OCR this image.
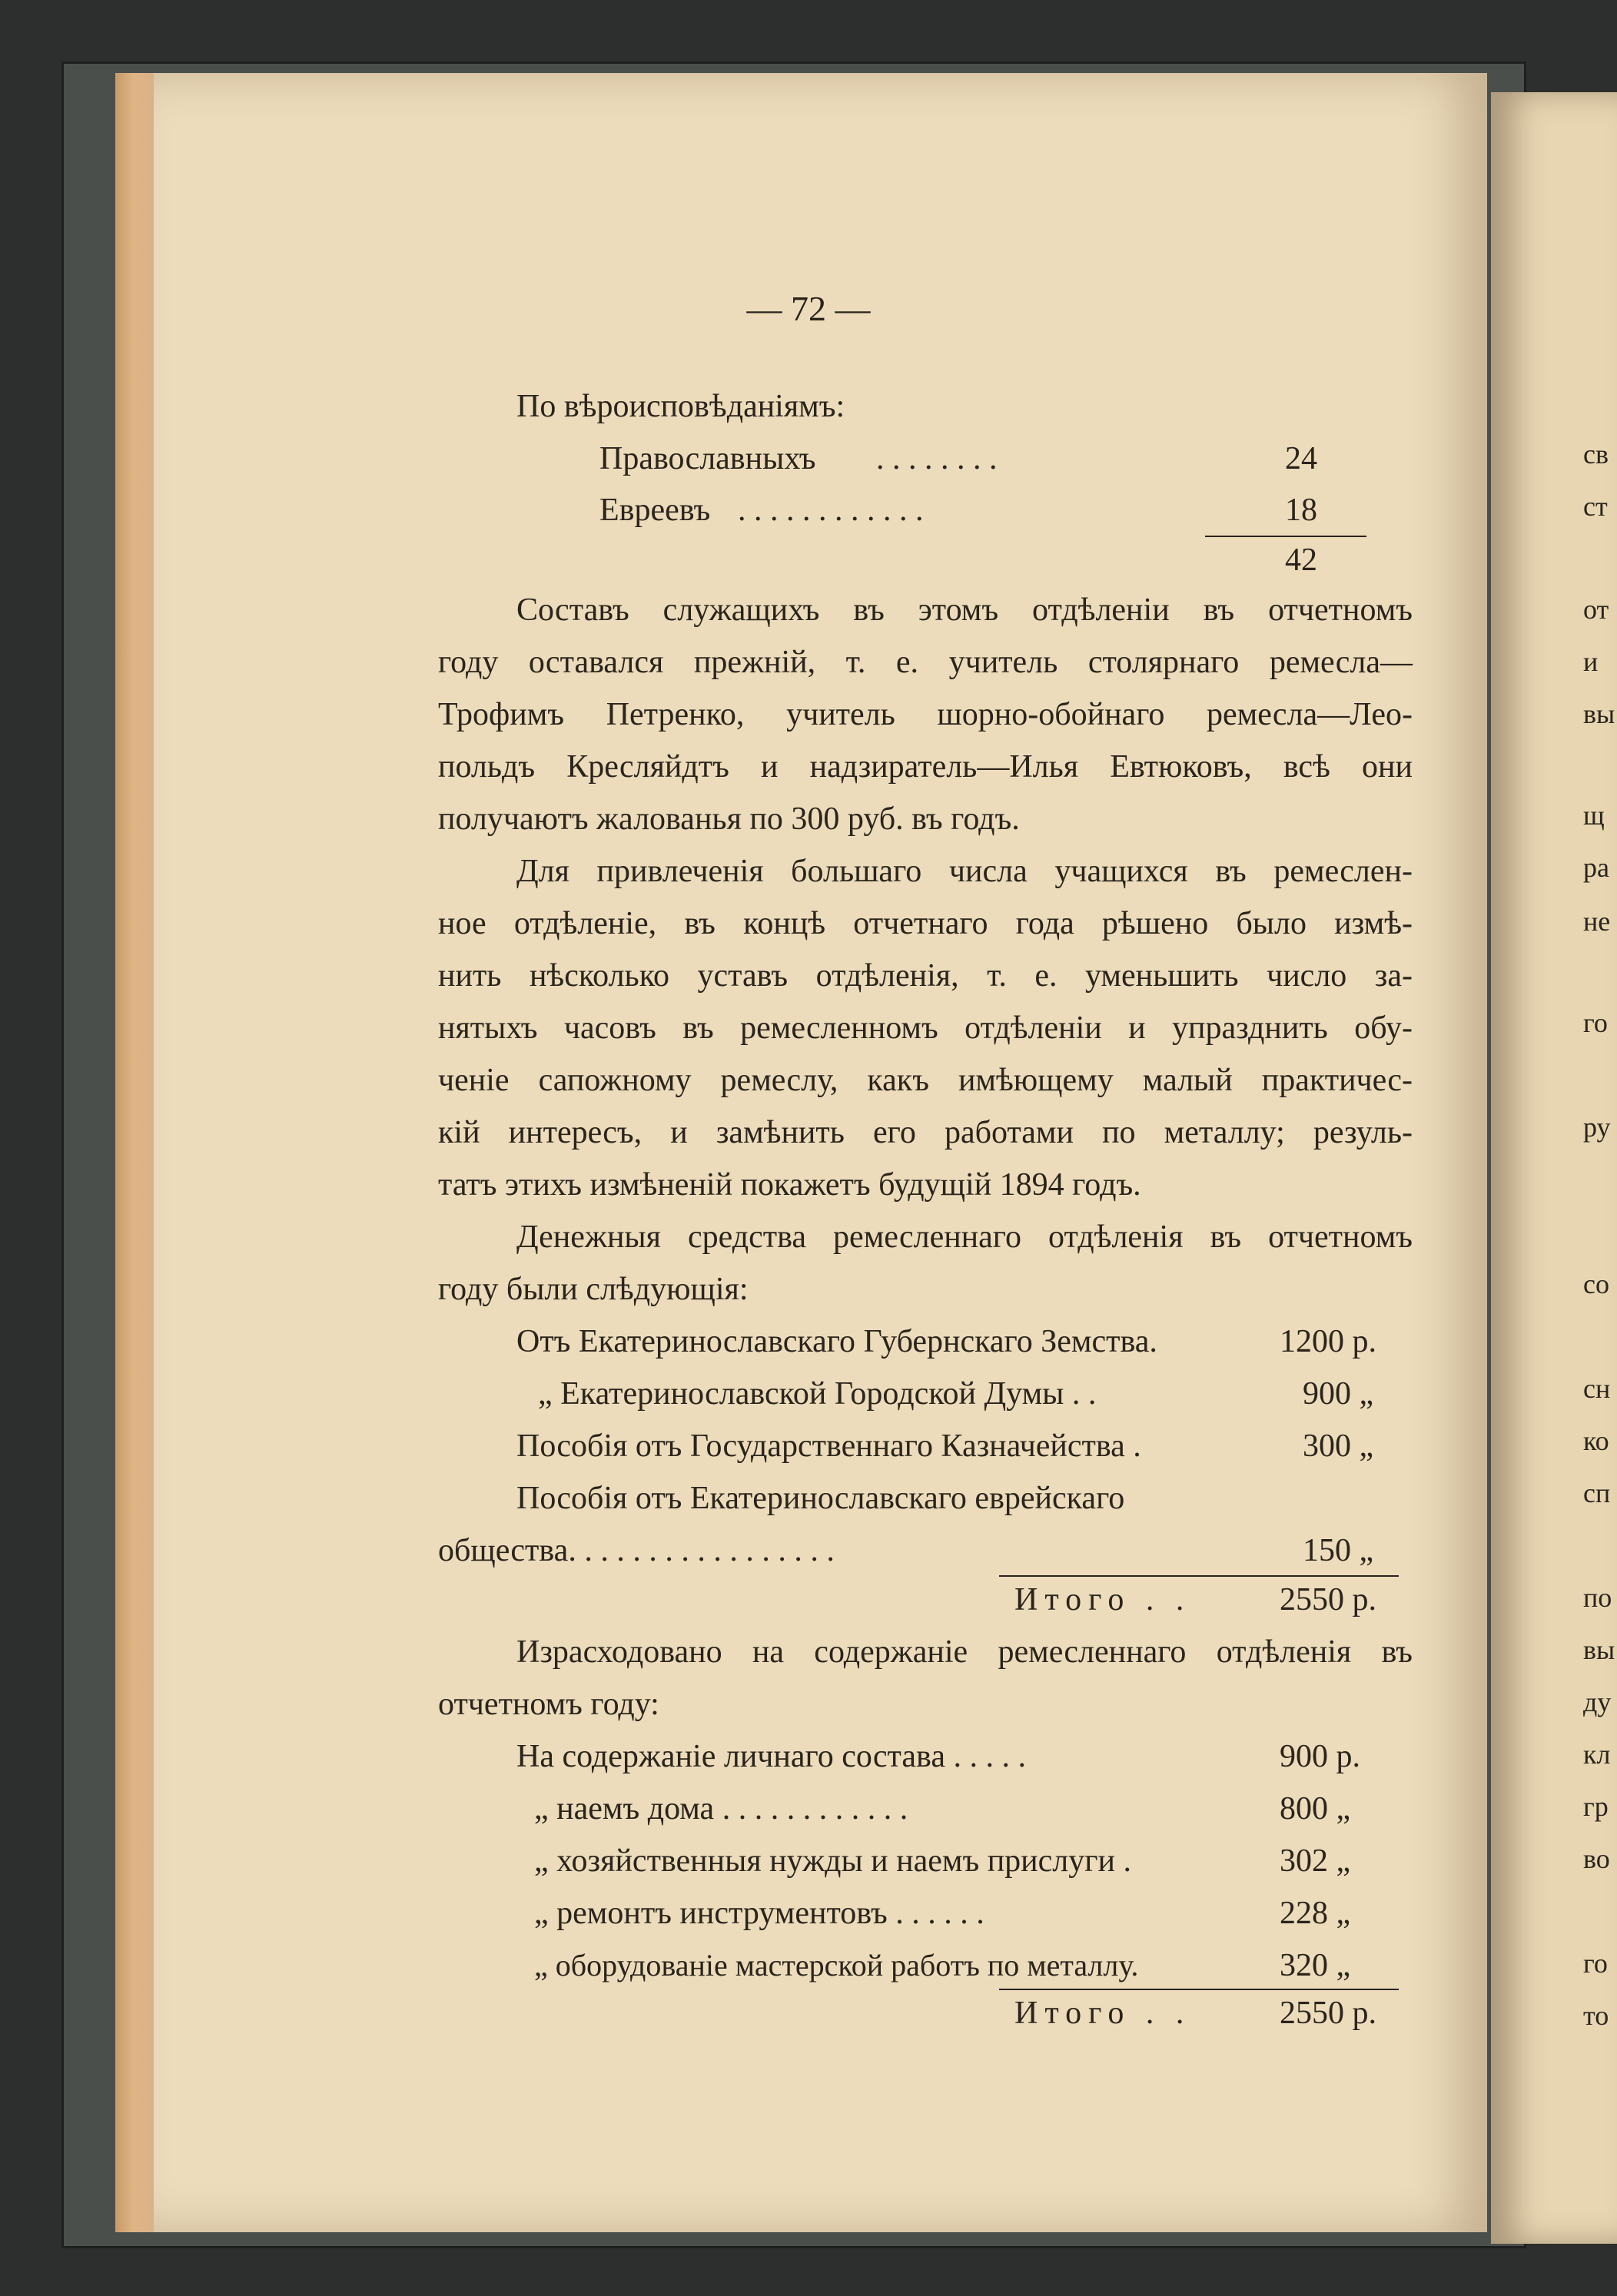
— 72 —
По вѣроисповѣданіямъ:
Православныхъ . . . . . . . .	24
Евреевъ . . . . . . . . . . . .	18
42
Составъ служащихъ въ этомъ отдѣленіи въ отчетномъ
году оставался прежній, т. е. учитель столярнаго ремесла—
Трофимъ Петренко, учитель шорно-обойнаго ремесла—Лео-
польдъ Кресляйдтъ и надзиратель—Илья Евтюковъ, всѣ они
получаютъ жалованья по 300 руб. въ годъ.
Для привлеченія большаго числа учащихся въ ремеслен-
ное отдѣленіе, въ концѣ отчетнаго года рѣшено было измѣ-
нить нѣсколько уставъ отдѣленія, т. е. уменьшить число за-
нятыхъ часовъ въ ремесленномъ отдѣленіи и упразднить обу-
ченіе сапожному ремеслу, какъ имѣющему малый практичес-
кій интересъ, и замѣнить его работами по металлу; резуль-
татъ этихъ измѣненій покажетъ будущій 1894 годъ.
Денежныя средства ремесленнаго отдѣленія въ отчетномъ
году были слѣдующія:
Отъ Екатеринославскаго Губернскаго Земства.	1200 р.
„ Екатеринославской Городской Думы . .	900 „
Пособія отъ Государственнаго Казначейства .	300 „
Пособія отъ Екатеринославскаго еврейскаго
общества. . . . . . . . . . . . . . . . .	150 „
Итого . .	2550 р.
Израсходовано на содержаніе ремесленнаго отдѣленія въ
отчетномъ году:
На содержаніе личнаго состава . . . . .	900 р.
„ наемъ дома . . . . . . . . . . . .	800 „
„ хозяйственныя нужды и наемъ прислуги .	302 „
„ ремонтъ инструментовъ . . . . . .	228 „
„ оборудованіе мастерской работъ по металлу.	320 „
Итого . .	2550 р.
св
ст
от
и
вы
щ
ра
не
го
ру
со
сн
ко
сп
по
вы
ду
кл
гр
во
го
то
